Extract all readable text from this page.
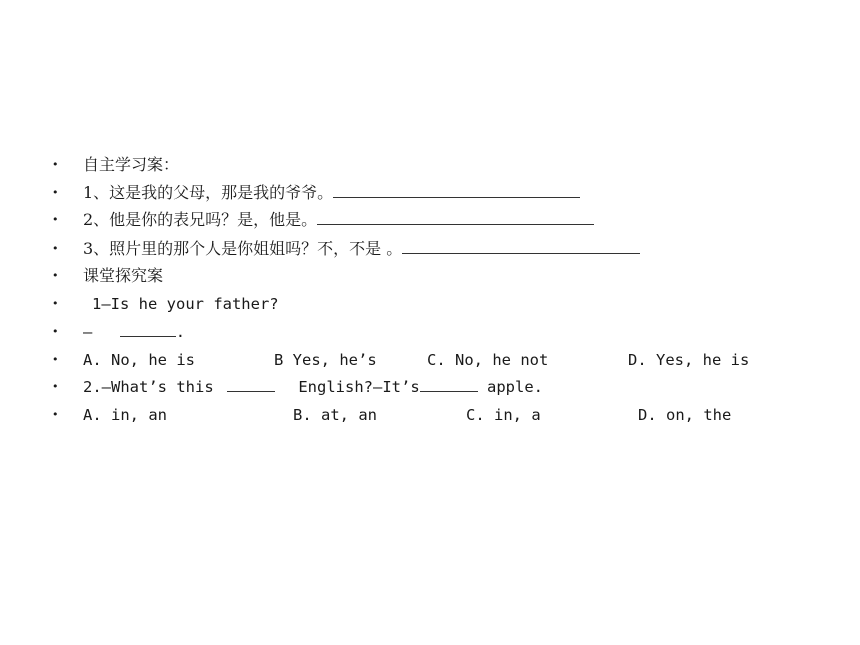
• 自主学习案：
• 1、这是我的父母，那是我的爷爷。
• 2、他是你的表兄吗？是，他是。
• 3、照片里的那个人是你姐姐吗？不，不是 。
• 课堂探究案
• 1—Is he your father?
• —	.
• A. No, he is	B Yes, he’s	C. No, he not	D. Yes, he is
• 2.—What’s this	English?—It’s	apple.
• A. in, an	B. at, an	C. in, a	D. on, the
